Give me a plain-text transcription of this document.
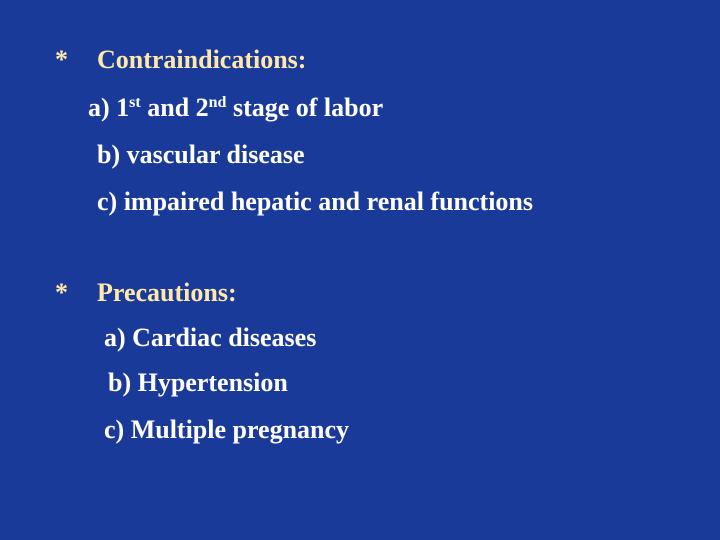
* Contraindications:
a) 1st and 2nd stage of labor
b) vascular disease
c) impaired hepatic and renal functions
* Precautions:
a) Cardiac diseases
b) Hypertension
c) Multiple pregnancy
